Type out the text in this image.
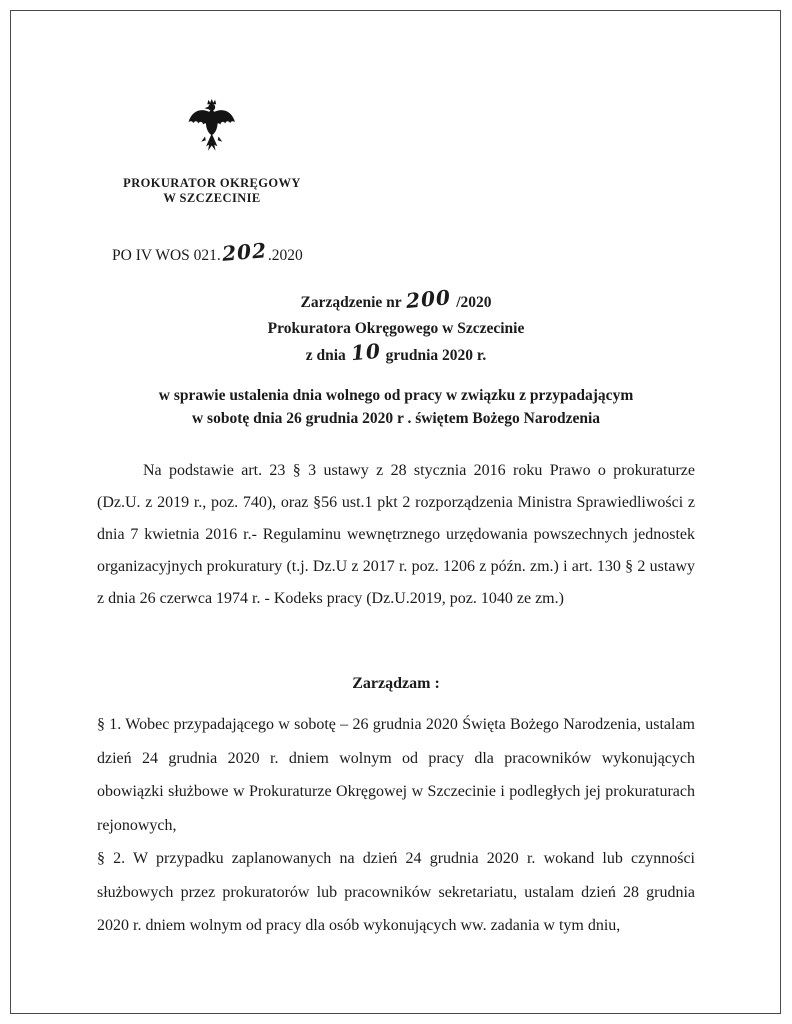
PROKURATOR OKRĘGOWY
W SZCZECINIE
PO IV WOS 021.202.2020
Zarządzenie nr 200 /2020
Prokuratora Okręgowego w Szczecinie
z dnia 10 grudnia 2020 r.
w sprawie ustalenia dnia wolnego od pracy w związku z przypadającym
w sobotę dnia 26 grudnia 2020 r . świętem Bożego Narodzenia
Na podstawie art. 23 § 3 ustawy z 28 stycznia 2016 roku Prawo o prokuraturze (Dz.U. z 2019 r., poz. 740), oraz §56 ust.1 pkt 2 rozporządzenia Ministra Sprawiedliwości z dnia 7 kwietnia 2016 r.- Regulaminu wewnętrznego urzędowania powszechnych jednostek organizacyjnych prokuratury (t.j. Dz.U z 2017 r. poz. 1206 z późn. zm.) i art. 130 § 2 ustawy z dnia 26 czerwca 1974 r. - Kodeks pracy (Dz.U.2019, poz. 1040 ze zm.)
Zarządzam :
§ 1. Wobec przypadającego w sobotę – 26 grudnia 2020 Święta Bożego Narodzenia, ustalam dzień 24 grudnia 2020 r. dniem wolnym od pracy dla pracowników wykonujących obowiązki służbowe w Prokuraturze Okręgowej w Szczecinie i podległych jej prokuraturach rejonowych,
§ 2. W przypadku zaplanowanych na dzień 24 grudnia 2020 r. wokand lub czynności służbowych przez prokuratorów lub pracowników sekretariatu, ustalam dzień 28 grudnia 2020 r. dniem wolnym od pracy dla osób wykonujących ww. zadania w tym dniu,
